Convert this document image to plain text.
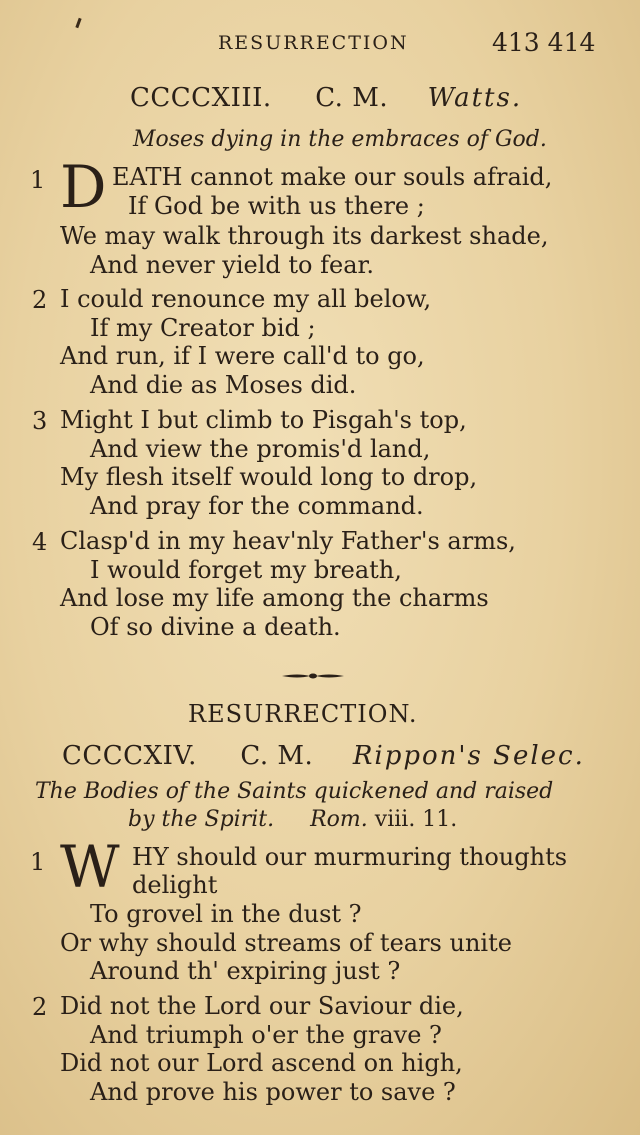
RESURRECTION	413 414
CCCCXIII. C. M. Watts.
Moses dying in the embraces of God.
1 D EATH cannot make our souls afraid,
If God be with us there ;
We may walk through its darkest shade,
And never yield to fear.
2 I could renounce my all below,
If my Creator bid ;
And run, if I were call'd to go,
And die as Moses did.
3 Might I but climb to Pisgah's top,
And view the promis'd land,
My flesh itself would long to drop,
And pray for the command.
4 Clasp'd in my heav'nly Father's arms,
I would forget my breath,
And lose my life among the charms
Of so divine a death.
RESURRECTION.
CCCCXIV. C. M. Rippon's Selec.
The Bodies of the Saints quickened and raised
by the Spirit. Rom. viii. 11.
1 W HY should our murmuring thoughts
delight
To grovel in the dust ?
Or why should streams of tears unite
Around th' expiring just ?
2 Did not the Lord our Saviour die,
And triumph o'er the grave ?
Did not our Lord ascend on high,
And prove his power to save ?
